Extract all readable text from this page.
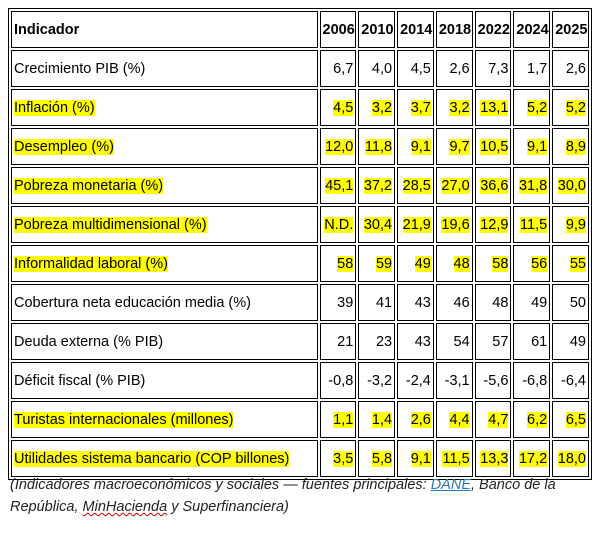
Indicador	2006	2010	2014	2018	2022	2024	2025
Crecimiento PIB (%)	6,7	4,0	4,5	2,6	7,3	1,7	2,6
Inflación (%)	4,5	3,2	3,7	3,2	13,1	5,2	5,2
Desempleo (%)	12,0	11,8	9,1	9,7	10,5	9,1	8,9
Pobreza monetaria (%)	45,1	37,2	28,5	27,0	36,6	31,8	30,0
Pobreza multidimensional (%)	N.D.	30,4	21,9	19,6	12,9	11,5	9,9
Informalidad laboral (%)	58	59	49	48	58	56	55
Cobertura neta educación media (%)	39	41	43	46	48	49	50
Deuda externa (% PIB)	21	23	43	54	57	61	49
Déficit fiscal (% PIB)	-0,8	-3,2	-2,4	-3,1	-5,6	-6,8	-6,4
Turistas internacionales (millones)	1,1	1,4	2,6	4,4	4,7	6,2	6,5
Utilidades sistema bancario (COP billones)	3,5	5,8	9,1	11,5	13,3	17,2	18,0
(Indicadores macroeconómicos y sociales — fuentes principales: DANE, Banco de la República, MinHacienda y Superfinanciera)
